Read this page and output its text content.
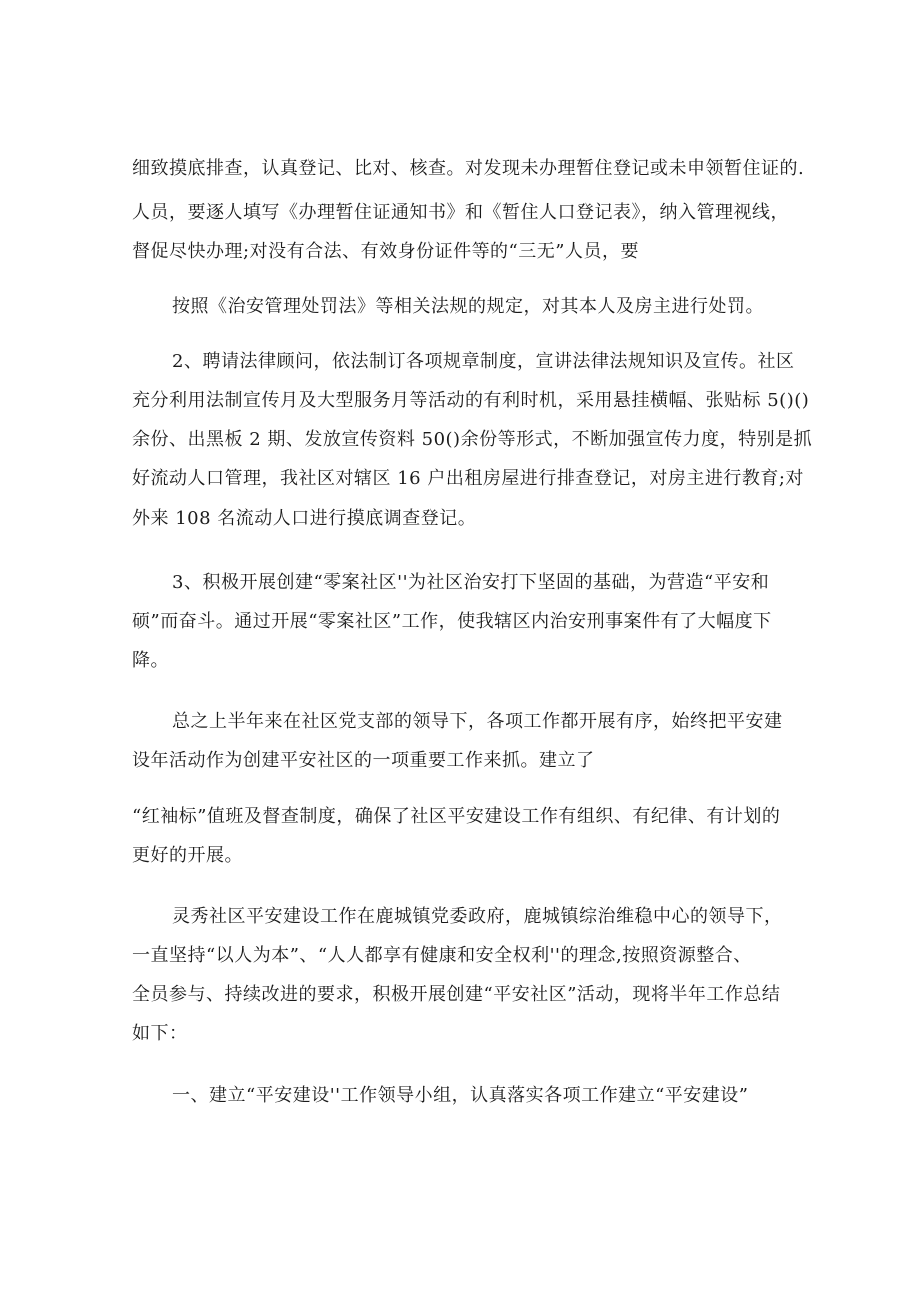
细致摸底排查，认真登记、比对、核查。对发现未办理暂住登记或未申领暂住证的.
人员，要逐人填写《办理暂住证通知书》和《暂住人口登记表》，纳入管理视线，
督促尽快办理;对没有合法、有效身份证件等的“三无”人员，要
按照《治安管理处罚法》等相关法规的规定，对其本人及房主进行处罚。
2、聘请法律顾问，依法制订各项规章制度，宣讲法律法规知识及宣传。社区
充分利用法制宣传月及大型服务月等活动的有利时机，采用悬挂横幅、张贴标 5()()
余份、出黑板 2 期、发放宣传资料 50()余份等形式，不断加强宣传力度，特别是抓
好流动人口管理，我社区对辖区 16 户出租房屋进行排查登记，对房主进行教育;对
外来 108 名流动人口进行摸底调查登记。
3、积极开展创建“零案社区''为社区治安打下坚固的基础，为营造“平安和
硕”而奋斗。通过开展“零案社区”工作，使我辖区内治安刑事案件有了大幅度下
降。
总之上半年来在社区党支部的领导下，各项工作都开展有序，始终把平安建
设年活动作为创建平安社区的一项重要工作来抓。建立了
“红袖标”值班及督查制度，确保了社区平安建设工作有组织、有纪律、有计划的
更好的开展。
灵秀社区平安建设工作在鹿城镇党委政府，鹿城镇综治维稳中心的领导下，
一直坚持“以人为本”、“人人都享有健康和安全权利''的理念,按照资源整合、
全员参与、持续改进的要求，积极开展创建“平安社区”活动，现将半年工作总结
如下：
一、建立“平安建设''工作领导小组，认真落实各项工作建立“平安建设”
